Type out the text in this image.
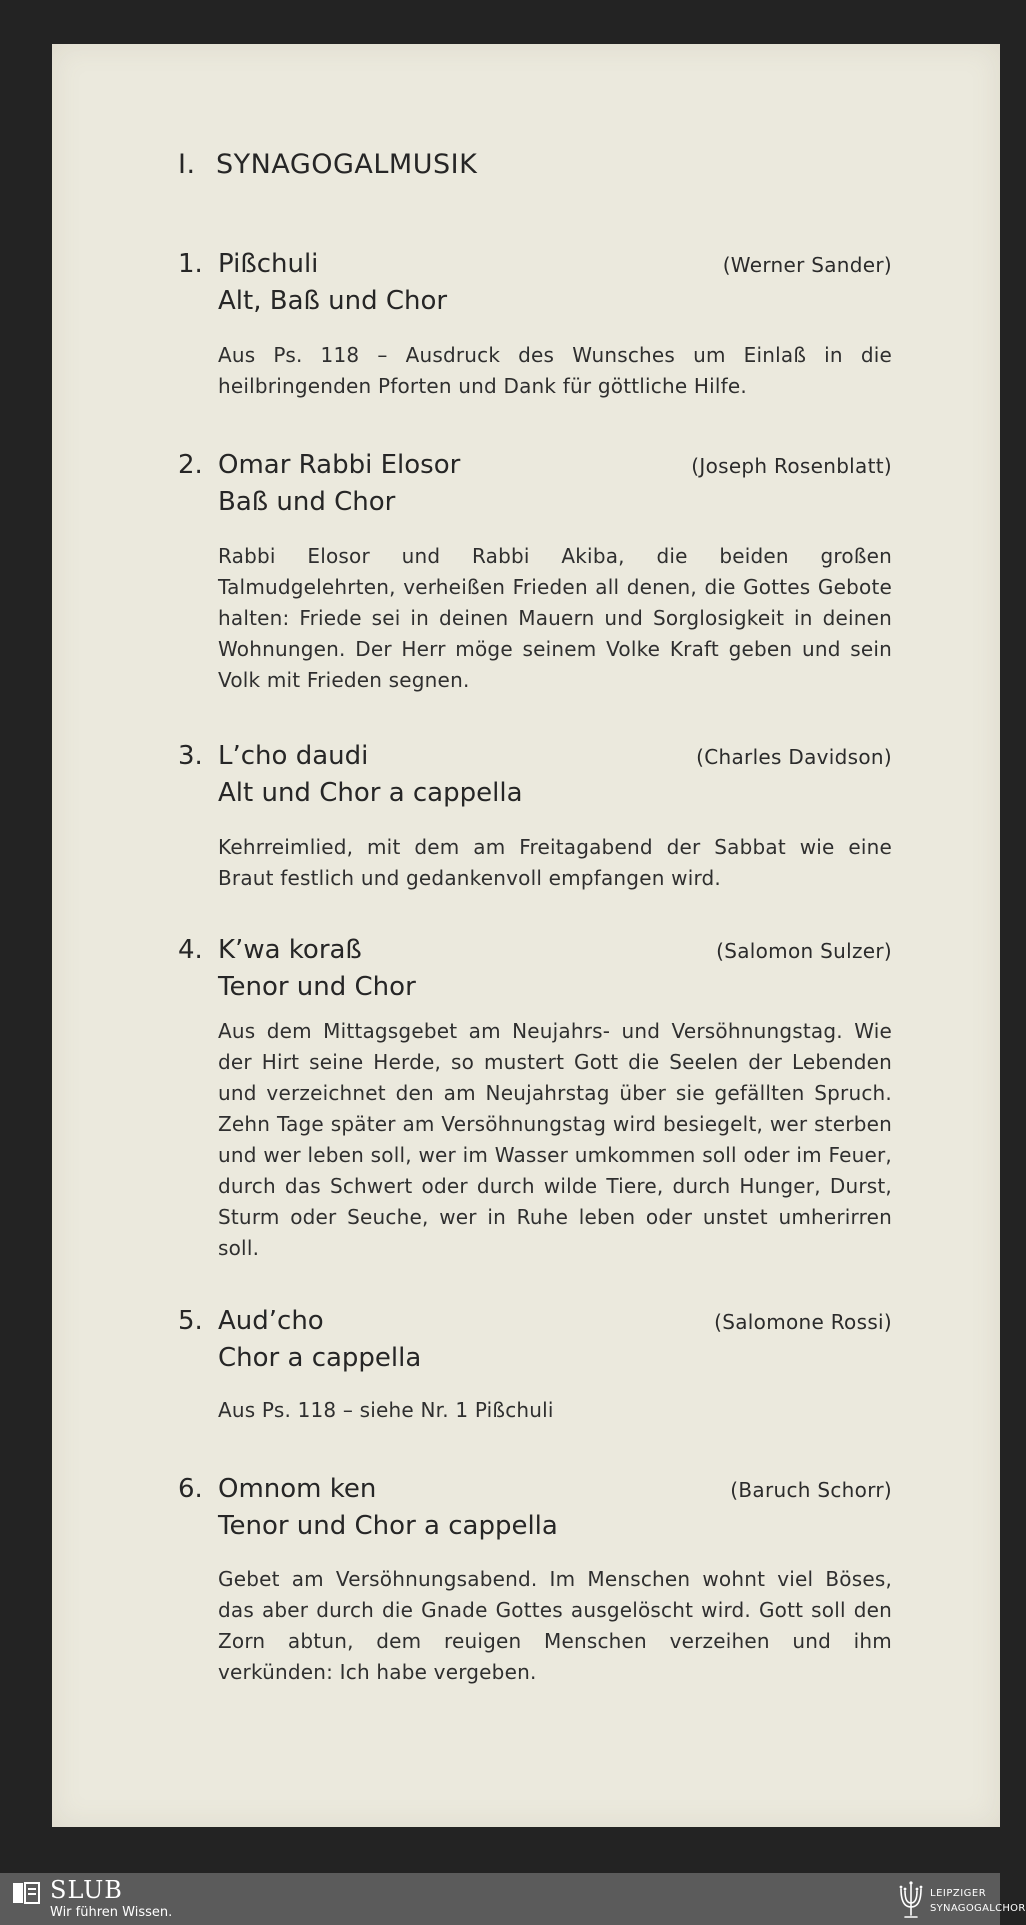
I. SYNAGOGALMUSIK
1. Pißchuli	(Werner Sander)
Alt, Baß und Chor
Aus Ps. 118 – Ausdruck des Wunsches um Einlaß in die heilbringenden Pforten und Dank für göttliche Hilfe.
2. Omar Rabbi Elosor	(Joseph Rosenblatt)
Baß und Chor
Rabbi Elosor und Rabbi Akiba, die beiden großen Talmudgelehrten, verheißen Frieden all denen, die Gottes Gebote halten: Friede sei in deinen Mauern und Sorglosigkeit in deinen Wohnungen. Der Herr möge seinem Volke Kraft geben und sein Volk mit Frieden segnen.
3. L’cho daudi	(Charles Davidson)
Alt und Chor a cappella
Kehrreimlied, mit dem am Freitagabend der Sabbat wie eine Braut festlich und gedankenvoll empfangen wird.
4. K’wa koraß	(Salomon Sulzer)
Tenor und Chor
Aus dem Mittagsgebet am Neujahrs- und Versöhnungstag. Wie der Hirt seine Herde, so mustert Gott die Seelen der Lebenden und verzeichnet den am Neujahrstag über sie gefällten Spruch. Zehn Tage später am Versöhnungstag wird besiegelt, wer sterben und wer leben soll, wer im Wasser umkommen soll oder im Feuer, durch das Schwert oder durch wilde Tiere, durch Hunger, Durst, Sturm oder Seuche, wer in Ruhe leben oder unstet umherirren soll.
5. Aud’cho	(Salomone Rossi)
Chor a cappella
Aus Ps. 118 – siehe Nr. 1 Pißchuli
6. Omnom ken	(Baruch Schorr)
Tenor und Chor a cappella
Gebet am Versöhnungsabend. Im Menschen wohnt viel Böses, das aber durch die Gnade Gottes ausgelöscht wird. Gott soll den Zorn abtun, dem reuigen Menschen verzeihen und ihm verkünden: Ich habe vergeben.
SLUB
Wir führen Wissen.
LEIPZIGER
SYNAGOGALCHOR
